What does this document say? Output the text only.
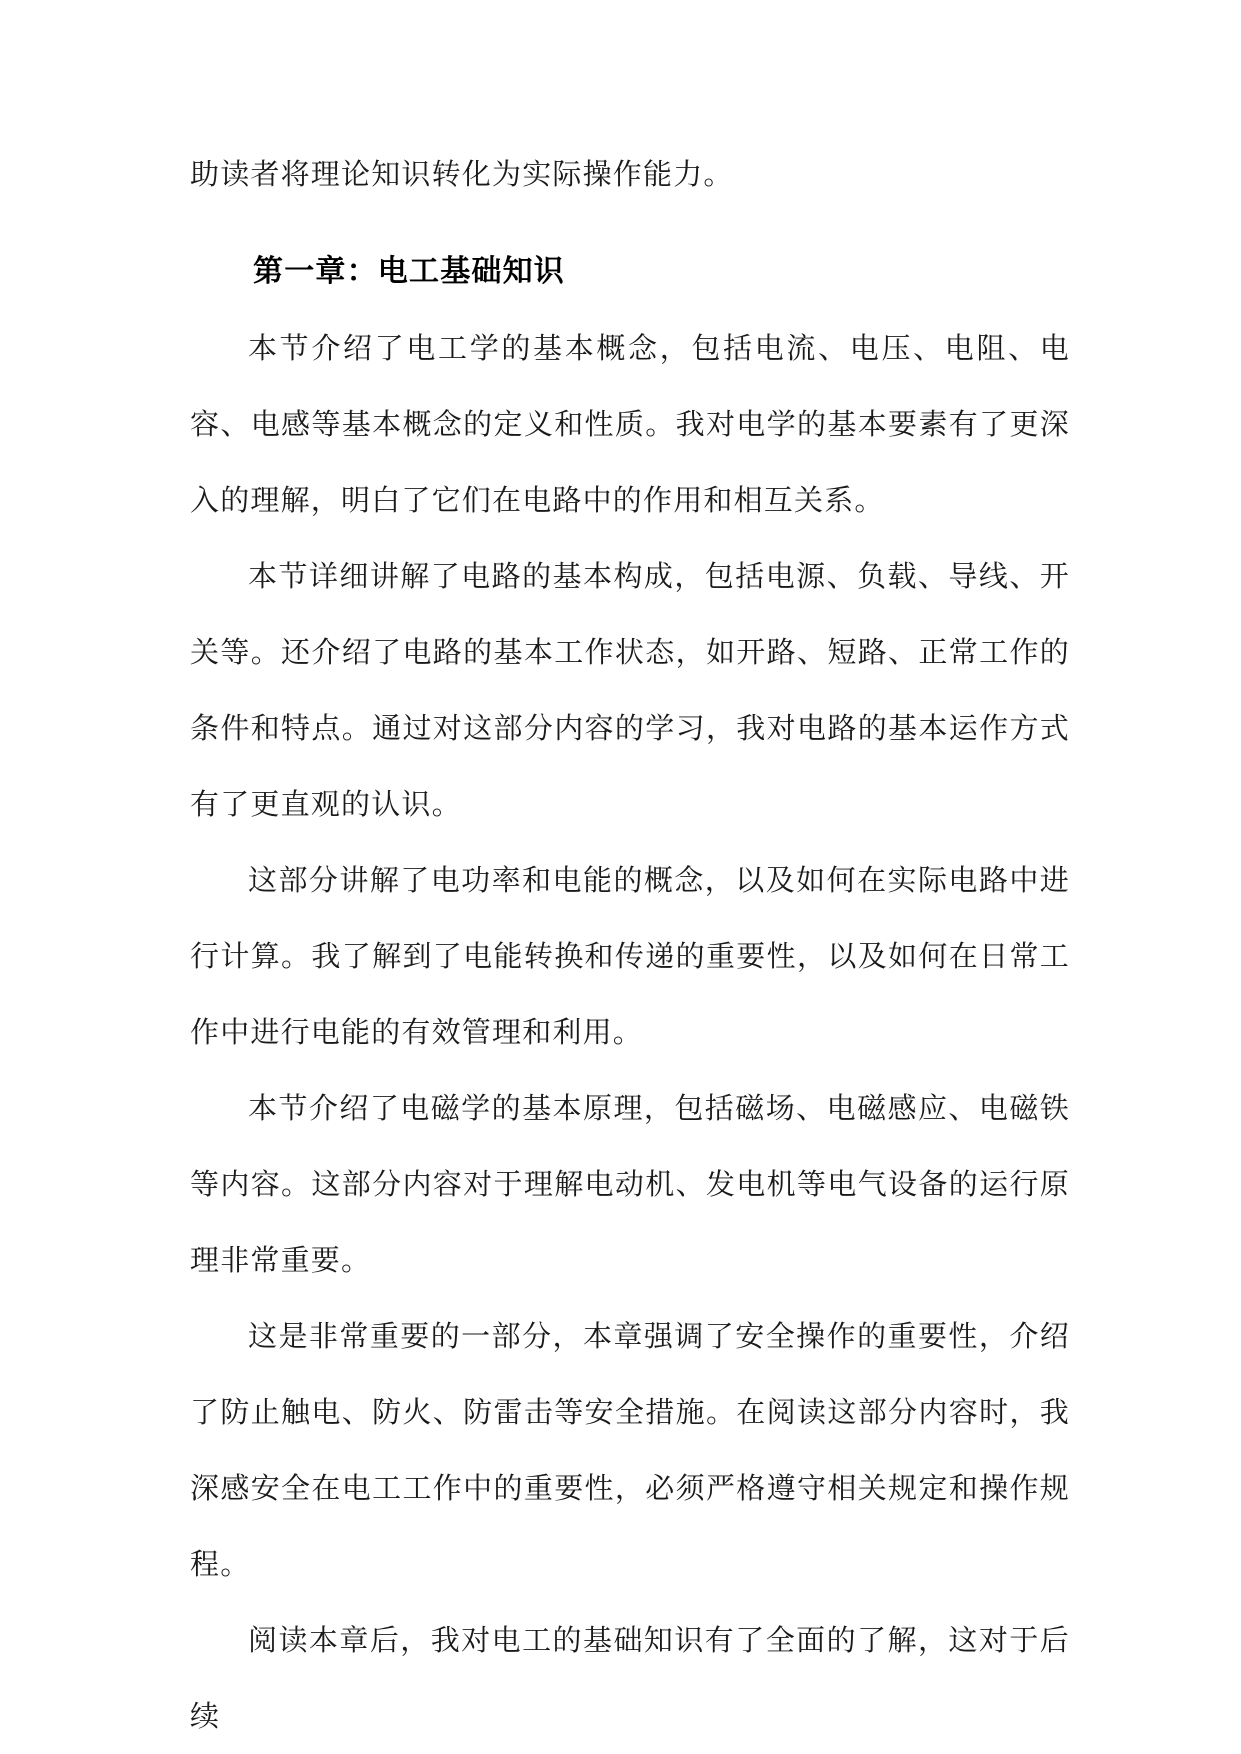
助读者将理论知识转化为实际操作能力。

第一章：电工基础知识

本节介绍了电工学的基本概念，包括电流、电压、电阻、电容、电感等基本概念的定义和性质。我对电学的基本要素有了更深入的理解，明白了它们在电路中的作用和相互关系。

本节详细讲解了电路的基本构成，包括电源、负载、导线、开关等。还介绍了电路的基本工作状态，如开路、短路、正常工作的条件和特点。通过对这部分内容的学习，我对电路的基本运作方式有了更直观的认识。

这部分讲解了电功率和电能的概念，以及如何在实际电路中进行计算。我了解到了电能转换和传递的重要性，以及如何在日常工作中进行电能的有效管理和利用。

本节介绍了电磁学的基本原理，包括磁场、电磁感应、电磁铁等内容。这部分内容对于理解电动机、发电机等电气设备的运行原理非常重要。

这是非常重要的一部分，本章强调了安全操作的重要性，介绍了防止触电、防火、防雷击等安全措施。在阅读这部分内容时，我深感安全在电工工作中的重要性，必须严格遵守相关规定和操作规程。

阅读本章后，我对电工的基础知识有了全面的了解，这对于后续
